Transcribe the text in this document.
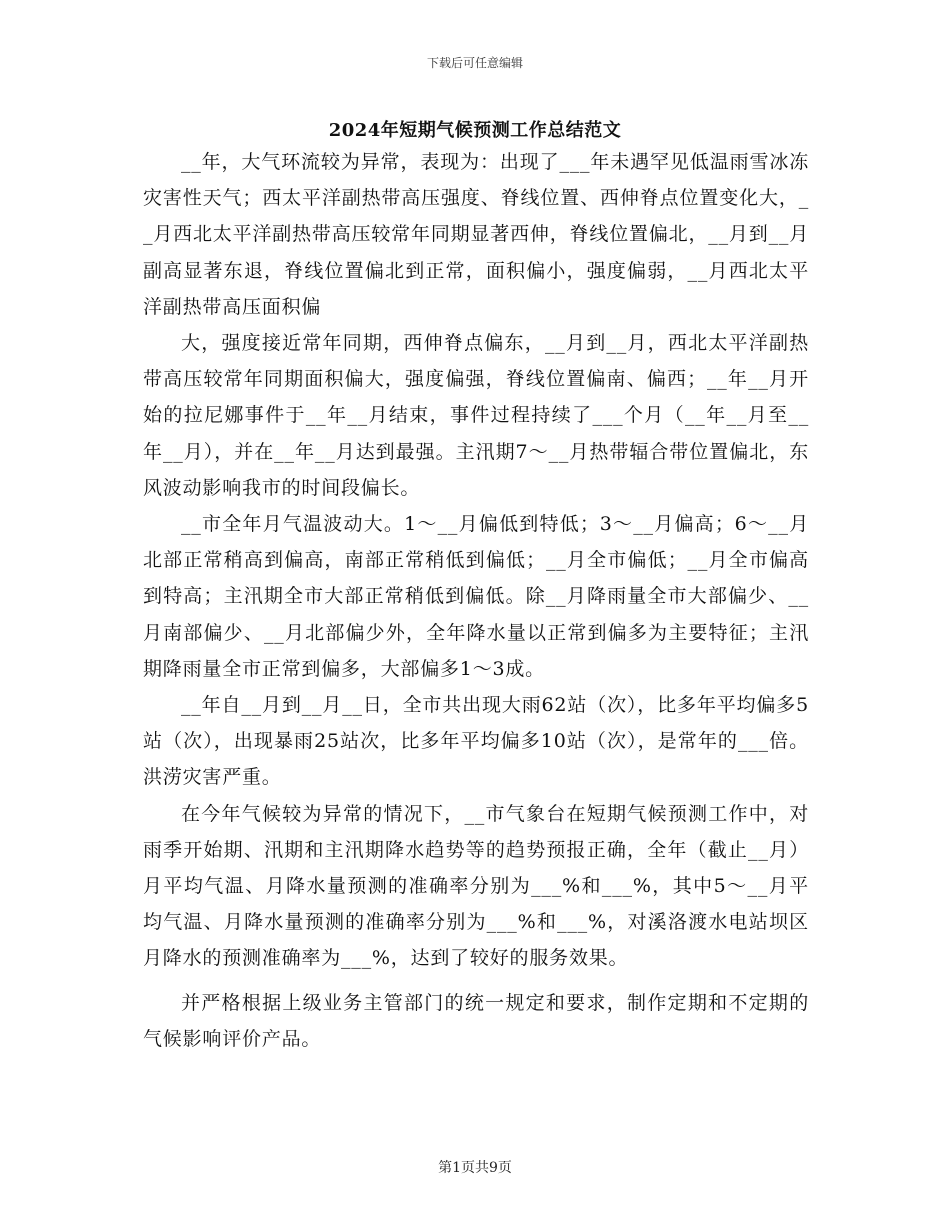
下载后可任意编辑
2024年短期气候预测工作总结范文

__年，大气环流较为异常，表现为：出现了___年未遇罕见低温雨雪冰冻灾害性天气；西太平洋副热带高压强度、脊线位置、西伸脊点位置变化大，__月西北太平洋副热带高压较常年同期显著西伸，脊线位置偏北，__月到__月副高显著东退，脊线位置偏北到正常，面积偏小，强度偏弱，__月西北太平洋副热带高压面积偏

大，强度接近常年同期，西伸脊点偏东，__月到__月，西北太平洋副热带高压较常年同期面积偏大，强度偏强，脊线位置偏南、偏西；__年__月开始的拉尼娜事件于__年__月结束，事件过程持续了___个月（__年__月至__年__月），并在__年__月达到最强。主汛期7～__月热带辐合带位置偏北，东风波动影响我市的时间段偏长。

__市全年月气温波动大。1～__月偏低到特低；3～__月偏高；6～__月北部正常稍高到偏高，南部正常稍低到偏低；__月全市偏低；__月全市偏高到特高；主汛期全市大部正常稍低到偏低。除__月降雨量全市大部偏少、__月南部偏少、__月北部偏少外，全年降水量以正常到偏多为主要特征；主汛期降雨量全市正常到偏多，大部偏多1～3成。

__年自__月到__月__日，全市共出现大雨62站（次），比多年平均偏多5站（次），出现暴雨25站次，比多年平均偏多10站（次），是常年的___倍。洪涝灾害严重。

在今年气候较为异常的情况下，__市气象台在短期气候预测工作中，对雨季开始期、汛期和主汛期降水趋势等的趋势预报正确，全年（截止__月）月平均气温、月降水量预测的准确率分别为___%和___%，其中5～__月平均气温、月降水量预测的准确率分别为___%和___%，对溪洛渡水电站坝区月降水的预测准确率为___%，达到了较好的服务效果。

并严格根据上级业务主管部门的统一规定和要求，制作定期和不定期的气候影响评价产品。

第1页共9页
